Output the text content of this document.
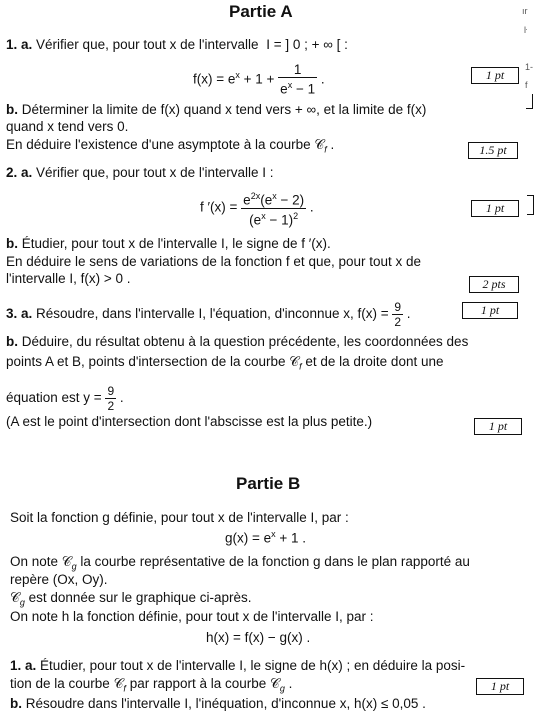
ır
ŀ
1-
f
Partie A
1. a. Vérifier que, pour tout x de l'intervalle I = ] 0 ; + ∞ [ :
$f(x) = e^x + 1 + \frac{1}{e^x - 1}$ .	1 pt
b. Déterminer la limite de f(x) quand x tend vers + ∞, et la limite de f(x)
quand x tend vers 0.
En déduire l'existence d'une asymptote à la courbe 𝒞$_f$ .	1.5 pt
2. a. Vérifier que, pour tout x de l'intervalle I :
f $'(x) = \frac{e^{2x}(e^x - 2)}{(e^x - 1)^2}$ .	1 pt
b. Étudier, pour tout x de l'intervalle I, le signe de f ′(x).
En déduire le sens de variations de la fonction f et que, pour tout x de
l'intervalle I, f(x) > 0 .	2 pts
3. a. Résoudre, dans l'intervalle I, l'équation, d'inconnue x, $f(x) = \frac{9}{2}$ .	1 pt
b. Déduire, du résultat obtenu à la question précédente, les coordonnées des
points A et B, points d'intersection de la courbe 𝒞$_f$ et de la droite dont une
équation est $y = \frac{9}{2}$ .
(A est le point d'intersection dont l'abscisse est la plus petite.)	1 pt
Partie B
Soit la fonction g définie, pour tout x de l'intervalle I, par :
$g(x) = e^x + 1$ .
On note 𝒞$_g$ la courbe représentative de la fonction g dans le plan rapporté au
repère (Ox, Oy).
𝒞$_g$ est donnée sur le graphique ci-après.
On note h la fonction définie, pour tout x de l'intervalle I, par :
h(x) = f(x) − g(x) .
1. a. Étudier, pour tout x de l'intervalle I, le signe de h(x) ; en déduire la posi-
tion de la courbe 𝒞$_f$ par rapport à la courbe 𝒞$_g$ .	1 pt
b. Résoudre dans l'intervalle I, l'inéquation, d'inconnue x, h(x) ≤ 0,05 .
